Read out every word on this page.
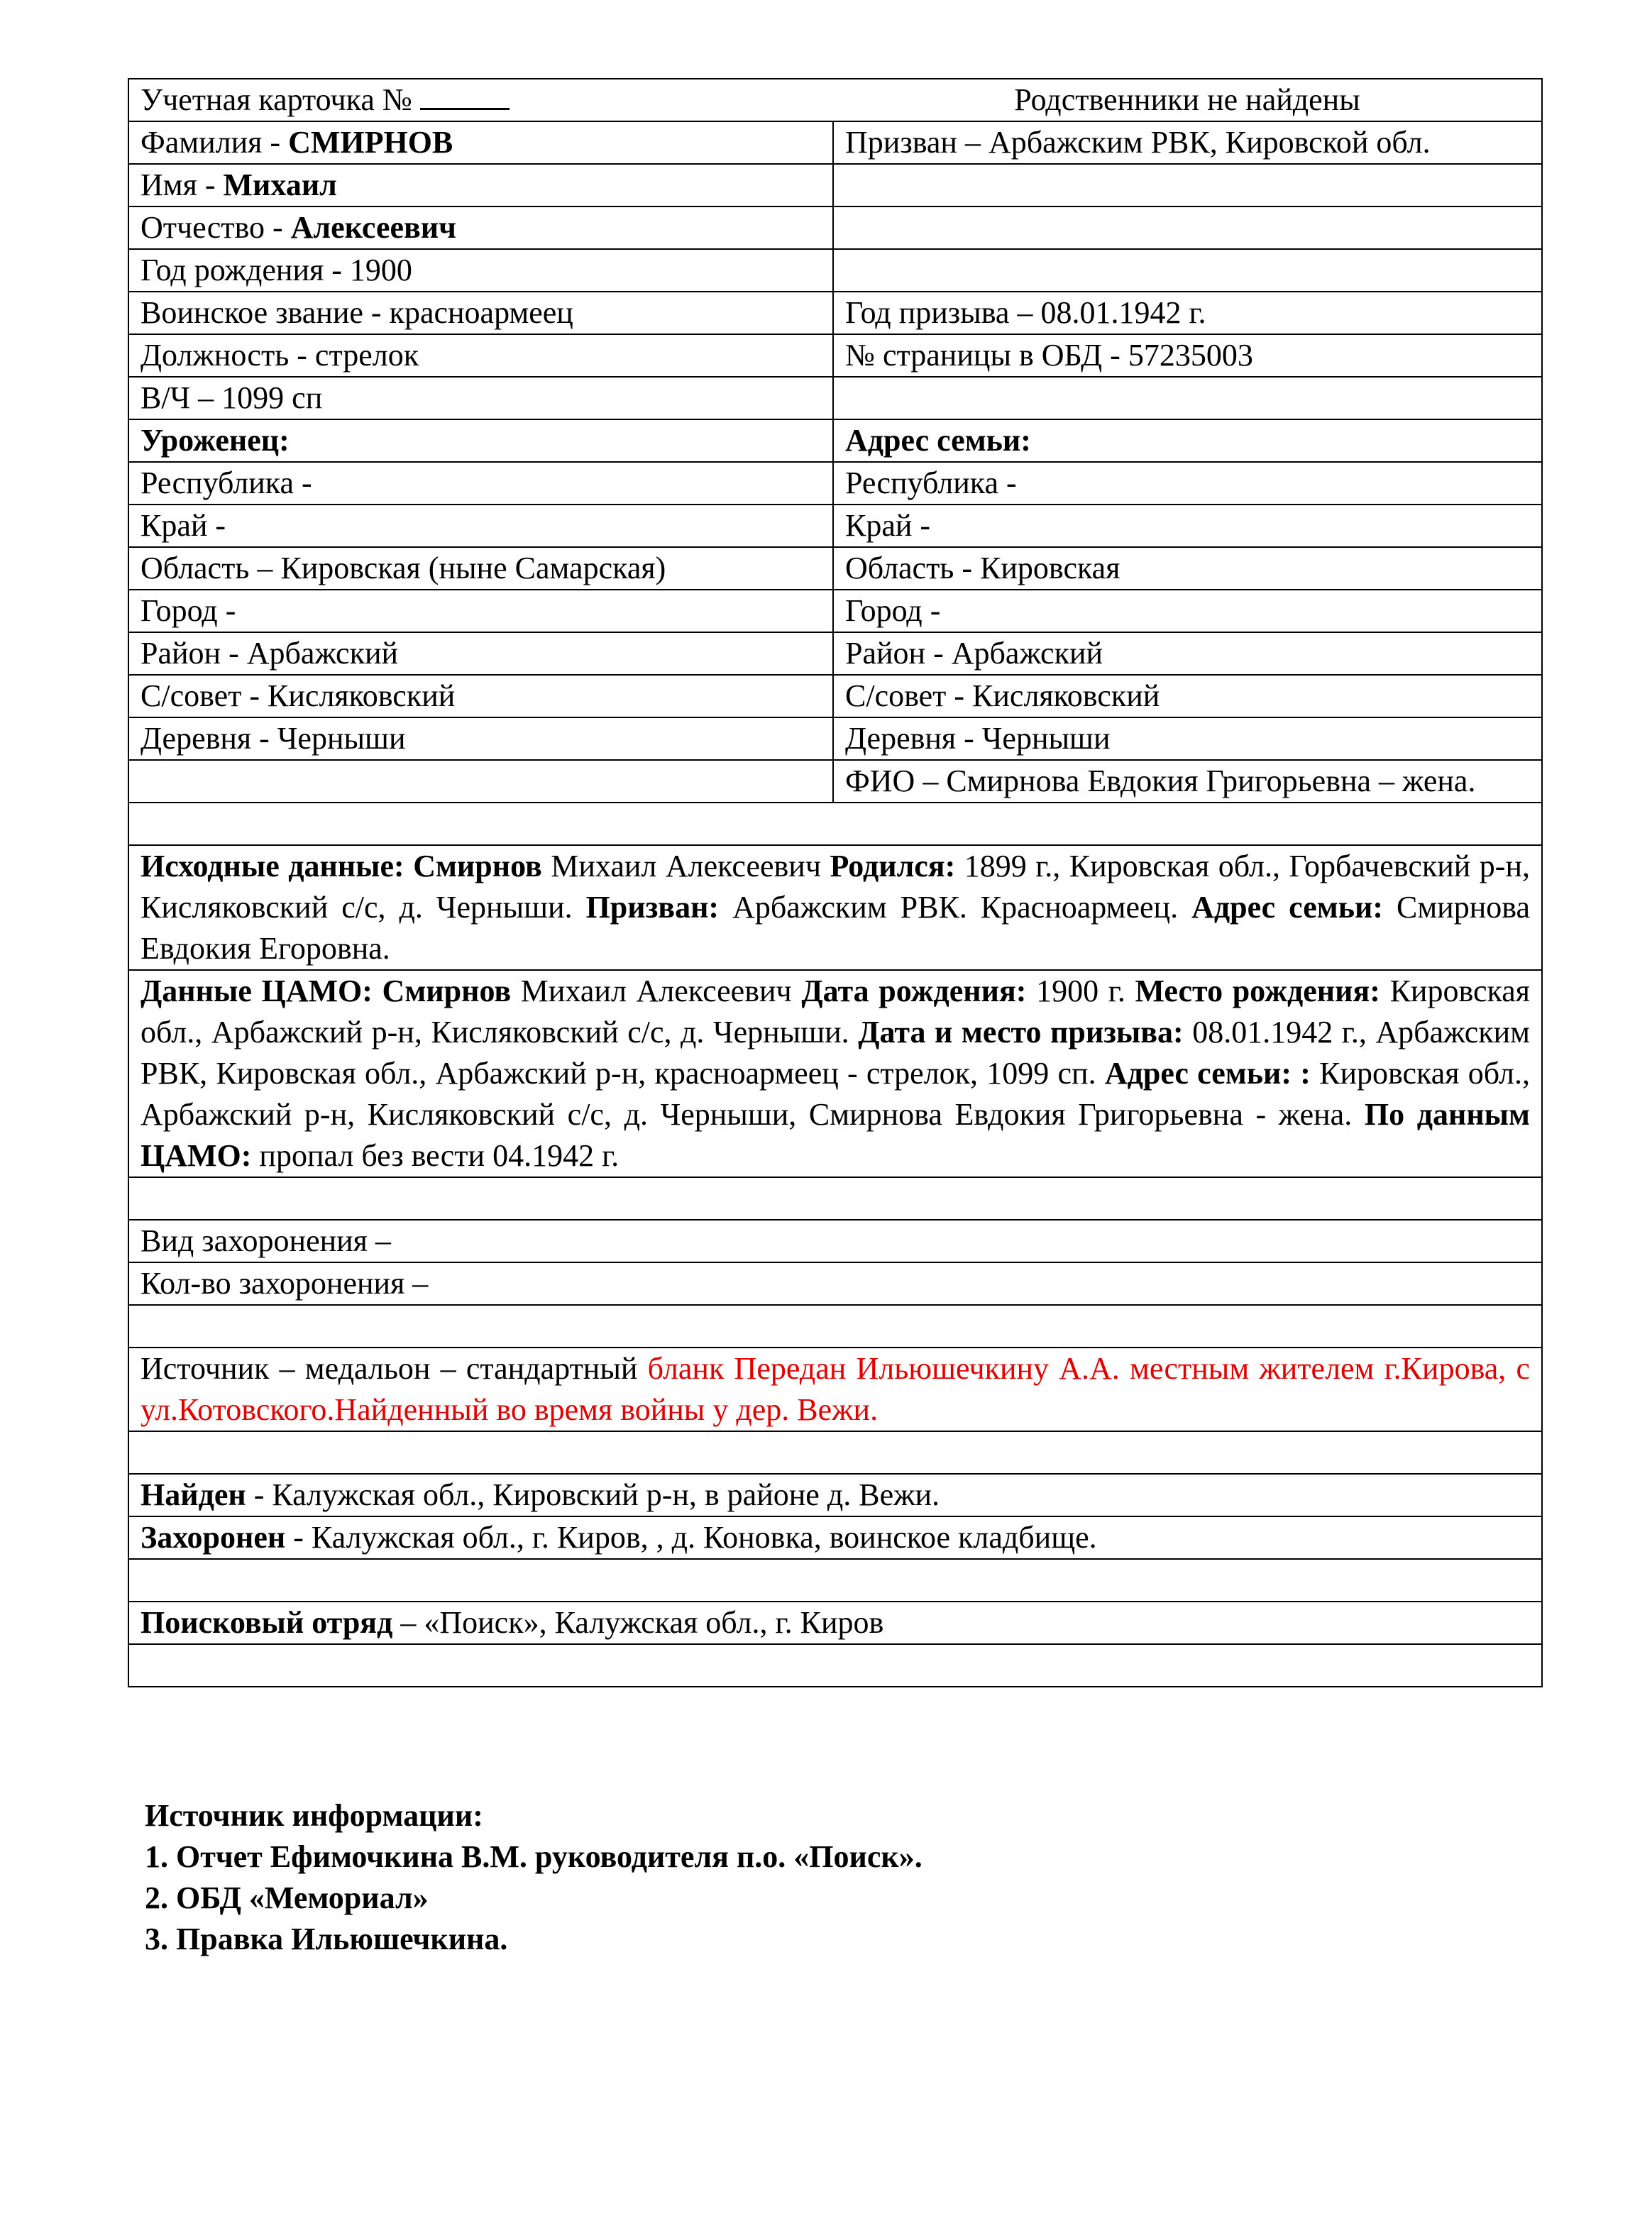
Учетная карточка №	Родственники не найдены
Фамилия - СМИРНОВ	Призван – Арбажским РВК, Кировской обл.
Имя - Михаил	
Отчество - Алексеевич	
Год рождения - 1900	
Воинское звание - красноармеец	Год призыва – 08.01.1942 г.
Должность - стрелок	№ страницы в ОБД - 57235003
В/Ч – 1099 сп	
Уроженец:	Адрес семьи:
Республика -	Республика -
Край -	Край -
Область – Кировская (ныне Самарская)	Область - Кировская
Город -	Город -
Район - Арбажский	Район - Арбажский
С/совет - Кисляковский	С/совет - Кисляковский
Деревня - Черныши	Деревня - Черныши
	ФИО – Смирнова Евдокия Григорьевна – жена.

Исходные данные: Смирнов Михаил Алексеевич Родился: 1899 г., Кировская обл., Горбачевский р-н, Кисляковский с/с, д. Черныши. Призван: Арбажским РВК. Красноармеец. Адрес семьи: Смирнова Евдокия Егоровна.	
Данные ЦАМО: Смирнов Михаил Алексеевич Дата рождения: 1900 г. Место рождения: Кировская обл., Арбажский р-н, Кисляковский с/с, д. Черныши. Дата и место призыва: 08.01.1942 г., Арбажским РВК, Кировская обл., Арбажский р-н, красноармеец - стрелок, 1099 сп. Адрес семьи: : Кировская обл., Арбажский р-н, Кисляковский с/с, д. Черныши, Смирнова Евдокия Григорьевна - жена. По данным ЦАМО: пропал без вести 04.1942 г.	

Вид захоронения –	
Кол-во захоронения –	

Источник – медальон – стандартный бланк Передан Ильюшечкину А.А. местным жителем г.Кирова, с ул.Котовского.Найденный во время войны у дер. Вежи.	

Найден - Калужская обл., Кировский р-н, в районе д. Вежи.	
Захоронен - Калужская обл., г. Киров, , д. Коновка, воинское кладбище.	

Поисковый отряд – «Поиск», Калужская обл., г. Киров	

Источник информации:
1. Отчет Ефимочкина В.М. руководителя п.о. «Поиск».
2. ОБД «Мемориал»
3. Правка Ильюшечкина.
